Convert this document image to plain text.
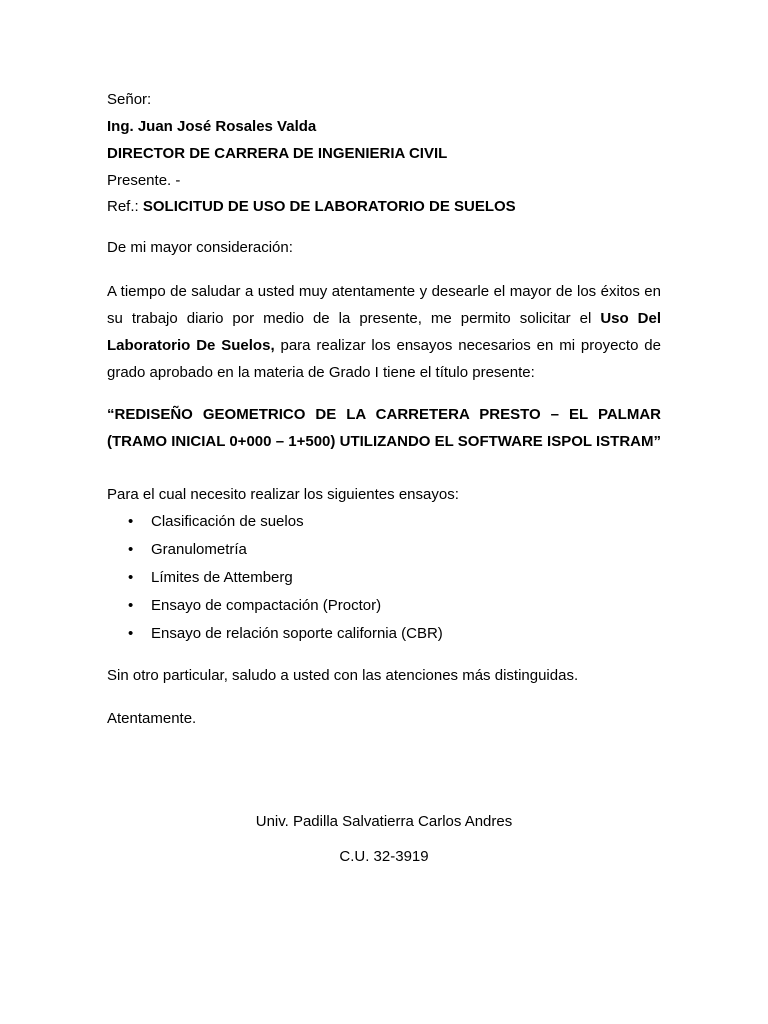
Señor:
Ing. Juan José Rosales Valda
DIRECTOR DE CARRERA DE INGENIERIA CIVIL
Presente. -
Ref.: SOLICITUD DE USO DE LABORATORIO DE SUELOS
De mi mayor consideración:
A tiempo de saludar a usted muy atentamente y desearle el mayor de los éxitos en
su trabajo diario por medio de la presente, me permito solicitar el Uso Del
Laboratorio De Suelos, para realizar los ensayos necesarios en mi proyecto de
grado aprobado en la materia de Grado I tiene el título presente:
“REDISEÑO GEOMETRICO DE LA CARRETERA PRESTO – EL PALMAR
(TRAMO INICIAL 0+000 – 1+500) UTILIZANDO EL SOFTWARE ISPOL ISTRAM”
Para el cual necesito realizar los siguientes ensayos:
• Clasificación de suelos
• Granulometría
• Límites de Attemberg
• Ensayo de compactación (Proctor)
• Ensayo de relación soporte california (CBR)
Sin otro particular, saludo a usted con las atenciones más distinguidas.
Atentamente.
Univ. Padilla Salvatierra Carlos Andres
C.U. 32-3919
